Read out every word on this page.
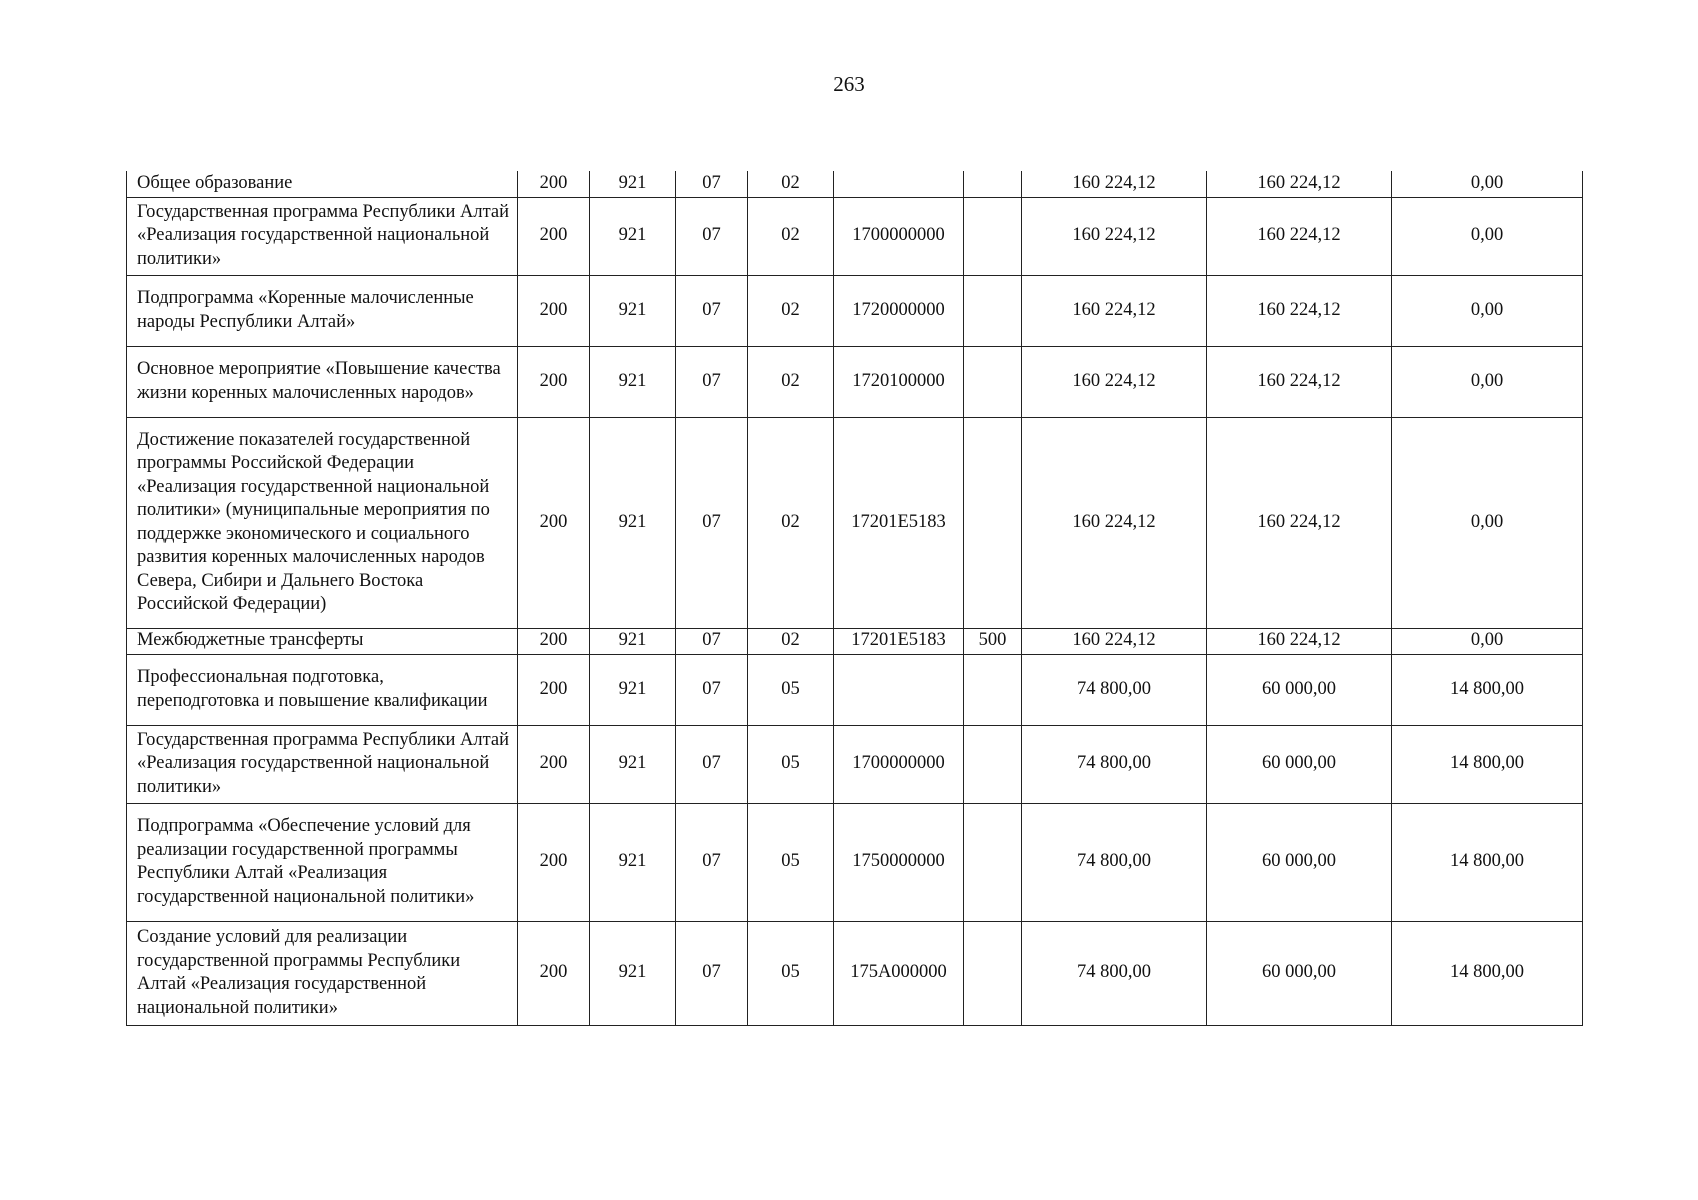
263
Общее образование	200	921	07	02			160 224,12	160 224,12	0,00
Государственная программа Республики Алтай «Реализация государственной национальной политики»	200	921	07	02	1700000000		160 224,12	160 224,12	0,00
Подпрограмма «Коренные малочисленные народы Республики Алтай»	200	921	07	02	1720000000		160 224,12	160 224,12	0,00
Основное мероприятие «Повышение качества жизни коренных малочисленных народов»	200	921	07	02	1720100000		160 224,12	160 224,12	0,00
Достижение показателей государственной программы Российской Федерации «Реализация государственной национальной политики» (муниципальные мероприятия по поддержке экономического и социального развития коренных малочисленных народов Севера, Сибири и Дальнего Востока Российской Федерации)	200	921	07	02	17201E5183		160 224,12	160 224,12	0,00
Межбюджетные трансферты	200	921	07	02	17201E5183	500	160 224,12	160 224,12	0,00
Профессиональная подготовка, переподготовка и повышение квалификации	200	921	07	05			74 800,00	60 000,00	14 800,00
Государственная программа Республики Алтай «Реализация государственной национальной политики»	200	921	07	05	1700000000		74 800,00	60 000,00	14 800,00
Подпрограмма «Обеспечение условий для реализации государственной программы Республики Алтай «Реализация государственной национальной политики»	200	921	07	05	1750000000		74 800,00	60 000,00	14 800,00
Создание условий для реализации государственной программы Республики Алтай «Реализация государственной национальной политики»	200	921	07	05	175А000000		74 800,00	60 000,00	14 800,00
